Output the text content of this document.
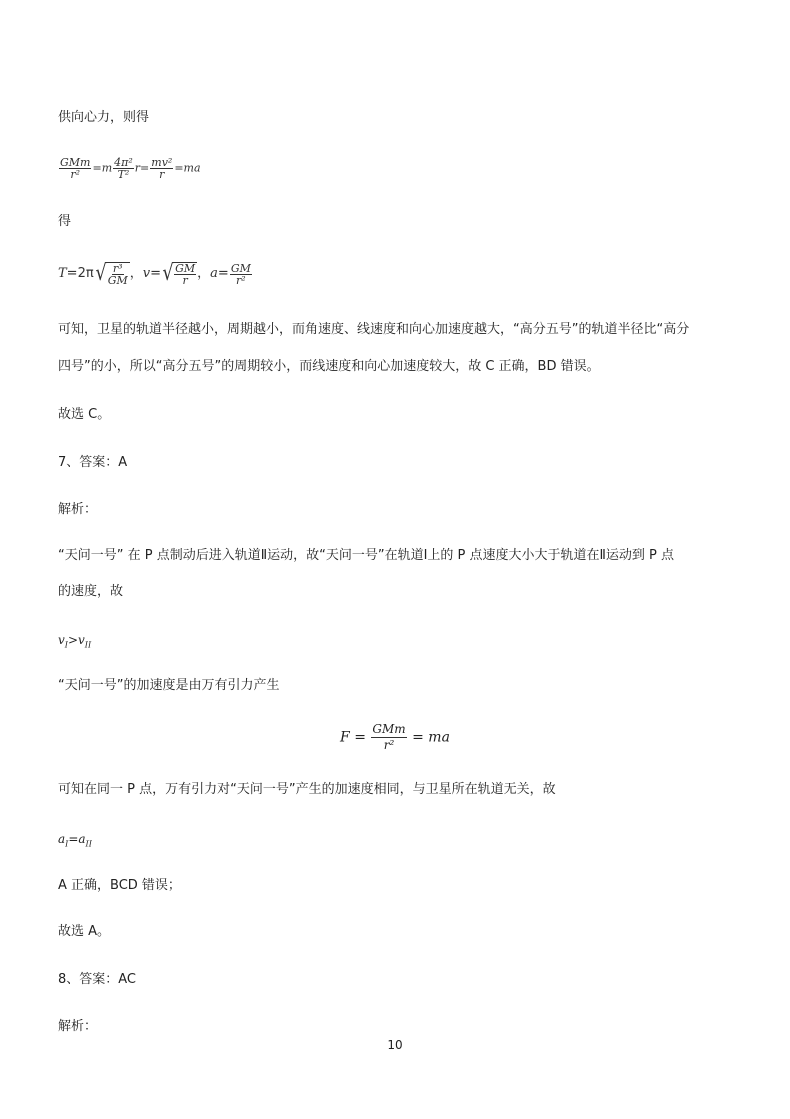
供向心力，则得
$\frac{\text{GMm}}{\text{r²}} =m \frac{\text{4π²}}{\text{T²}} r= \frac{\text{mv²}}{r} =ma$
得
T=2π √ $\frac{\text{r³}}{GM}$ ，v= √ $\frac{GM}{r}$ ，$a= \frac{GM}{\text{r²}}$
可知，卫星的轨道半径越小，周期越小，而角速度、线速度和向心加速度越大，“高分五号”的轨道半径比“高分
四号”的小，所以“高分五号”的周期较小，而线速度和向心加速度较大，故 C 正确，BD 错误。
故选 C。
7、答案：A
解析：
“天问一号” 在 P 点制动后进入轨道Ⅱ运动，故“天问一号”在轨道Ⅰ上的 P 点速度大小大于轨道在Ⅱ运动到 P 点
的速度，故
$v_I>v_{II}$
“天问一号”的加速度是由万有引力产生
$F = \frac{\text{GMm}}{\text{r²}}$ = ma
可知在同一 P 点，万有引力对“天问一号”产生的加速度相同，与卫星所在轨道无关，故
$a_I=a_{II}$
A 正确，BCD 错误；
故选 A。
8、答案：AC
解析：
10
